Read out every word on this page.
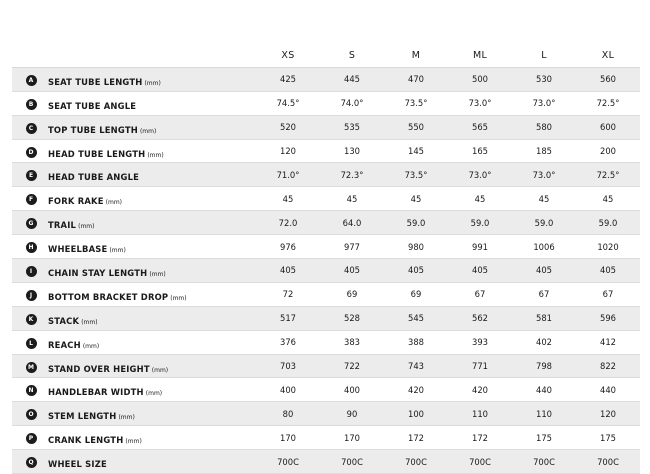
		XS	S	M	ML	L	XL
A	SEAT TUBE LENGTH (mm)	425	445	470	500	530	560
B	SEAT TUBE ANGLE	74.5°	74.0°	73.5°	73.0°	73.0°	72.5°
C	TOP TUBE LENGTH (mm)	520	535	550	565	580	600
D	HEAD TUBE LENGTH (mm)	120	130	145	165	185	200
E	HEAD TUBE ANGLE	71.0°	72.3°	73.5°	73.0°	73.0°	72.5°
F	FORK RAKE (mm)	45	45	45	45	45	45
G	TRAIL (mm)	72.0	64.0	59.0	59.0	59.0	59.0
H	WHEELBASE (mm)	976	977	980	991	1006	1020
I	CHAIN STAY LENGTH (mm)	405	405	405	405	405	405
J	BOTTOM BRACKET DROP (mm)	72	69	69	67	67	67
K	STACK (mm)	517	528	545	562	581	596
L	REACH (mm)	376	383	388	393	402	412
M	STAND OVER HEIGHT (mm)	703	722	743	771	798	822
N	HANDLEBAR WIDTH (mm)	400	400	420	420	440	440
O	STEM LENGTH (mm)	80	90	100	110	110	120
P	CRANK LENGTH (mm)	170	170	172	172	175	175
Q	WHEEL SIZE	700C	700C	700C	700C	700C	700C
